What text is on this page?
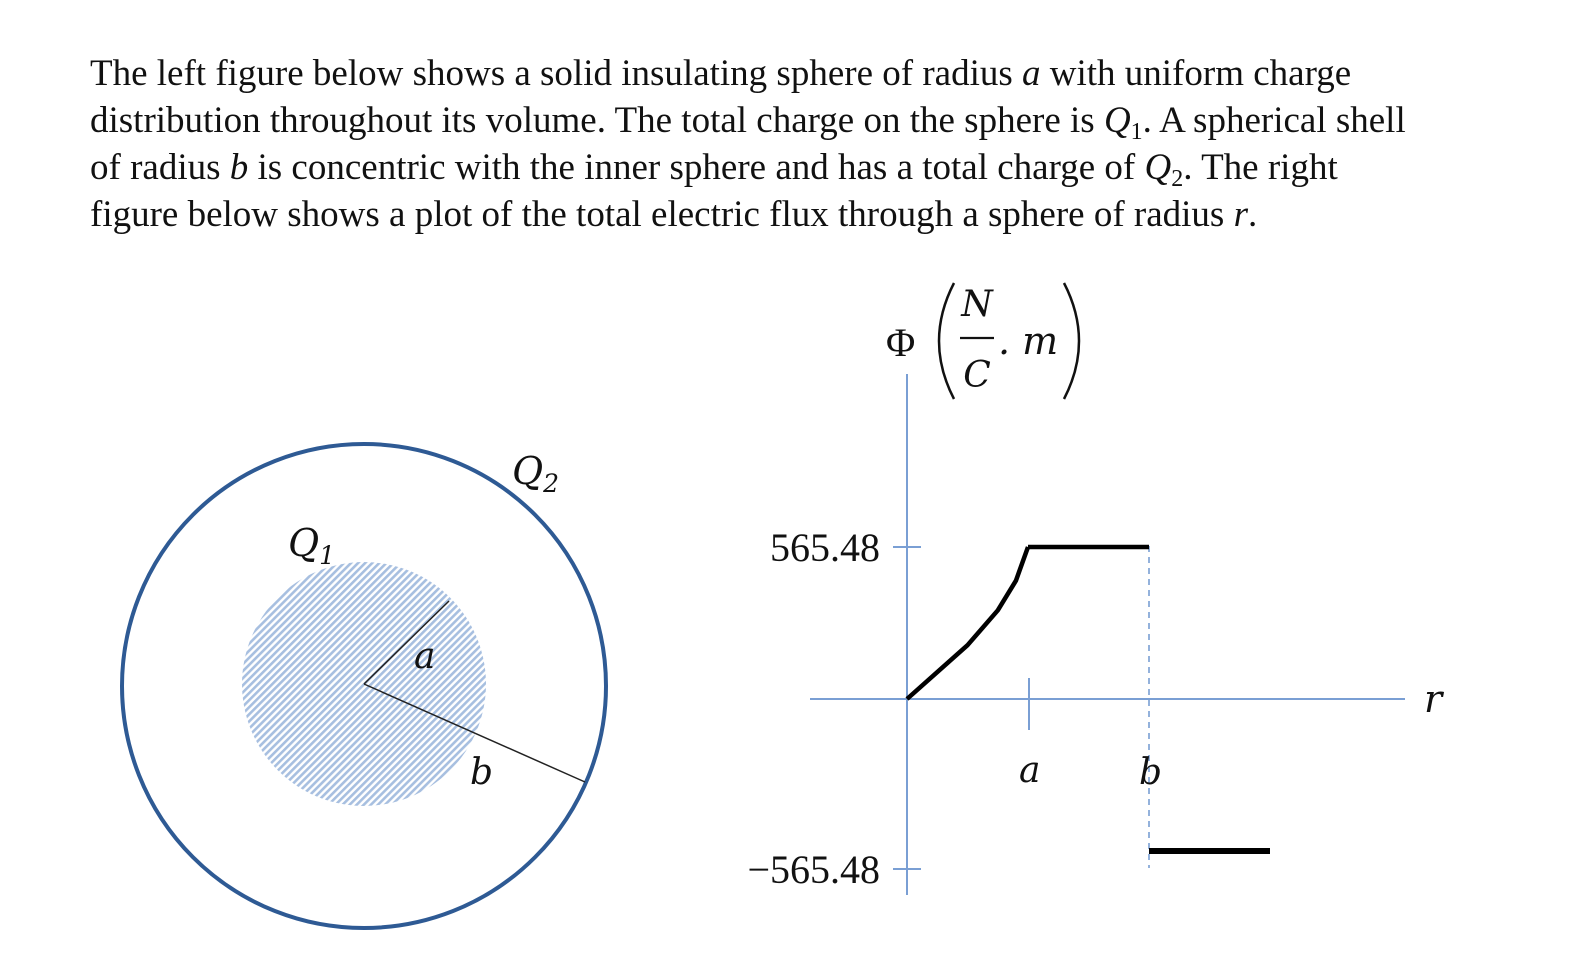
The left figure below shows a solid insulating sphere of radius a with uniform charge
distribution throughout its volume. The total charge on the sphere is $Q_1$. A spherical shell
of radius b is concentric with the inner sphere and has a total charge of $Q_2$. The right
figure below shows a plot of the total electric flux through a sphere of radius r.
$Q_1$
$Q_2$
a
b
565.48
−565.48
a	b
r
Φ
N
C
. m
